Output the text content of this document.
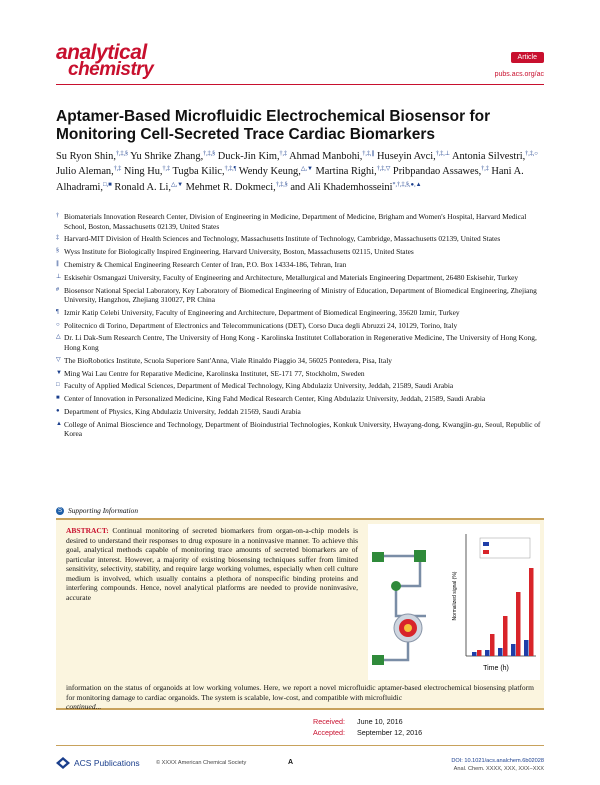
analytical
chemistry
Article
pubs.acs.org/ac
Aptamer-Based Microfluidic Electrochemical Biosensor for Monitoring Cell-Secreted Trace Cardiac Biomarkers
Su Ryon Shin,†,‡,§ Yu Shrike Zhang,†,‡,§ Duck-Jin Kim,†,‡ Ahmad Manbohi,†,‡,∥ Huseyin Avci,†,‡,⊥ Antonia Silvestri,†,‡,○ Julio Aleman,†,‡ Ning Hu,†,‡ Tugba Kilic,†,‡,¶ Wendy Keung,△,▼ Martina Righi,†,‡,▽ Pribpandao Assawes,†,‡ Hani A. Alhadrami,□,■ Ronald A. Li,△,▼ Mehmet R. Dokmeci,†,‡,§ and Ali Khademhosseini*,†,‡,§,●,▲
† Biomaterials Innovation Research Center, Division of Engineering in Medicine, Department of Medicine, Brigham and Women's Hospital, Harvard Medical School, Boston, Massachusetts 02139, United States
‡ Harvard-MIT Division of Health Sciences and Technology, Massachusetts Institute of Technology, Cambridge, Massachusetts 02139, United States
§ Wyss Institute for Biologically Inspired Engineering, Harvard University, Boston, Massachusetts 02115, United States
∥ Chemistry & Chemical Engineering Research Center of Iran, P.O. Box 14334-186, Tehran, Iran
⊥ Eskisehir Osmangazi University, Faculty of Engineering and Architecture, Metallurgical and Materials Engineering Department, 26480 Eskisehir, Turkey
# Biosensor National Special Laboratory, Key Laboratory of Biomedical Engineering of Ministry of Education, Department of Biomedical Engineering, Zhejiang University, Hangzhou, Zhejiang 310027, PR China
¶ Izmir Katip Celebi University, Faculty of Engineering and Architecture, Department of Biomedical Engineering, 35620 Izmir, Turkey
○ Politecnico di Torino, Department of Electronics and Telecommunications (DET), Corso Duca degli Abruzzi 24, 10129, Torino, Italy
△ Dr. Li Dak-Sum Research Centre, The University of Hong Kong - Karolinska Institutet Collaboration in Regenerative Medicine, The University of Hong Kong, Hong Kong
▽ The BioRobotics Institute, Scuola Superiore Sant'Anna, Viale Rinaldo Piaggio 34, 56025 Pontedera, Pisa, Italy
▼ Ming Wai Lau Centre for Reparative Medicine, Karolinska Institutet, SE-171 77, Stockholm, Sweden
□ Faculty of Applied Medical Sciences, Department of Medical Technology, King Abdulaziz University, Jeddah, 21589, Saudi Arabia
■ Center of Innovation in Personalized Medicine, King Fahd Medical Research Center, King Abdulaziz University, Jeddah, 21589, Saudi Arabia
● Department of Physics, King Abdulaziz University, Jeddah 21569, Saudi Arabia
▲ College of Animal Bioscience and Technology, Department of Bioindustrial Technologies, Konkuk University, Hwayang-dong, Kwangjin-gu, Seoul, Republic of Korea
S Supporting Information

ABSTRACT: Continual monitoring of secreted biomarkers from organ-on-a-chip models is desired to understand their responses to drug exposure in a noninvasive manner. To achieve this goal, analytical methods capable of monitoring trace amounts of secreted biomarkers are of particular interest. However, a majority of existing biosensing techniques suffer from limited sensitivity, selectivity, stability, and require large working volumes, especially when cell culture medium is involved, which usually contains a plethora of nonspecific binding proteins and interfering compounds. Hence, novel analytical platforms are needed to provide noninvasive, accurate

Time (h)
Normalized signal (%)

information on the status of organoids at low working volumes. Here, we report a novel microfluidic aptamer-based electrochemical biosensing platform for monitoring damage to cardiac organoids. The system is scalable, low-cost, and compatible with microfluidic
continued...

Received: June 10, 2016
Accepted: September 12, 2016
ACS Publications	© XXXX American Chemical Society	A	DOI: 10.1021/acs.analchem.6b02028
Anal. Chem. XXXX, XXX, XXX−XXX
